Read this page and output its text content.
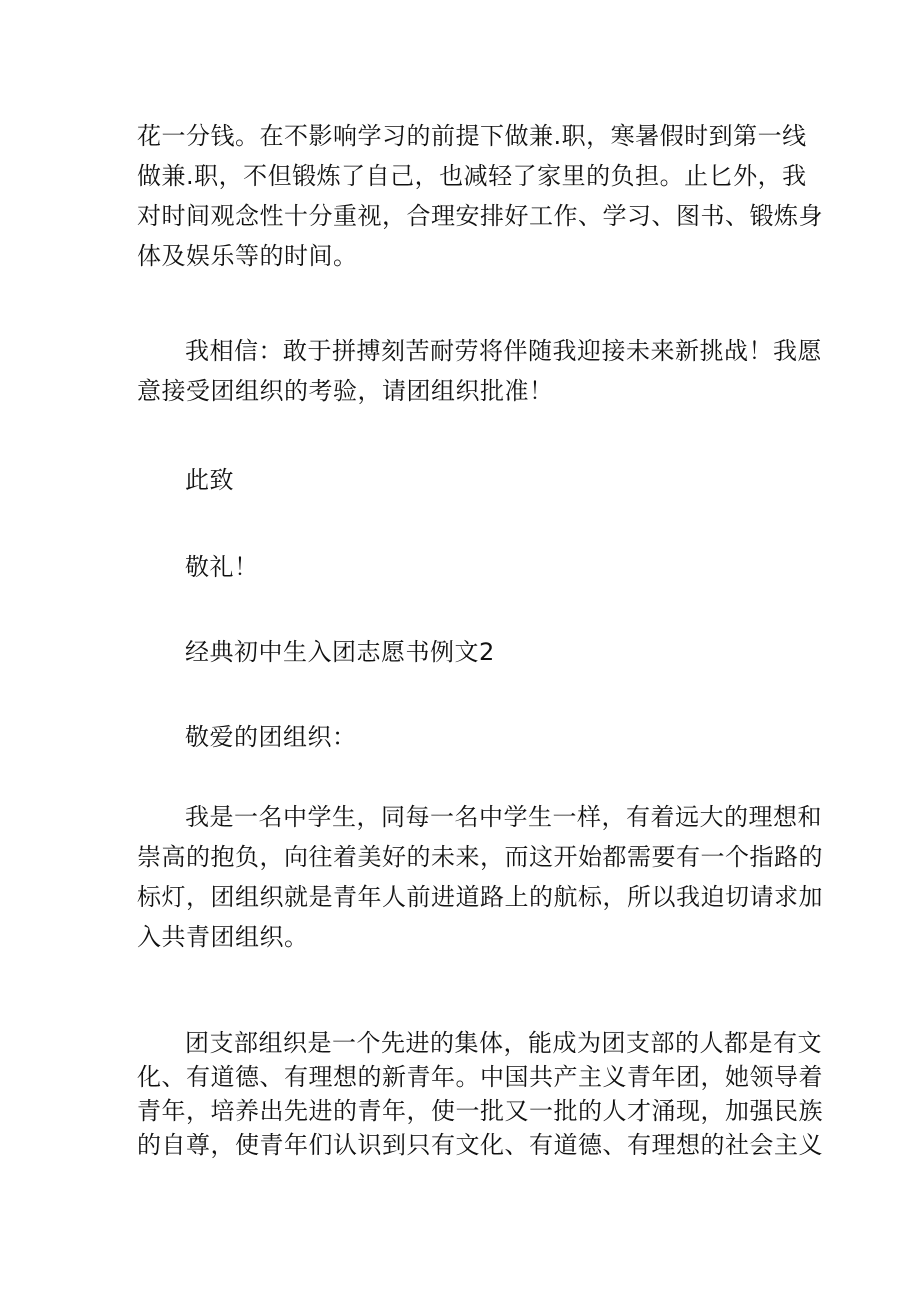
花一分钱。在不影响学习的前提下做兼.职，寒暑假时到第一线
做兼.职，不但锻炼了自己，也减轻了家里的负担。止匕外，我
对时间观念性十分重视，合理安排好工作、学习、图书、锻炼身
体及娱乐等的时间。
我相信：敢于拼搏刻苦耐劳将伴随我迎接未来新挑战！我愿
意接受团组织的考验，请团组织批准！
此致
敬礼！
经典初中生入团志愿书例文2
敬爱的团组织：
我是一名中学生，同每一名中学生一样，有着远大的理想和
崇高的抱负，向往着美好的未来，而这开始都需要有一个指路的
标灯，团组织就是青年人前进道路上的航标，所以我迫切请求加
入共青团组织。
团支部组织是一个先进的集体，能成为团支部的人都是有文
化、有道德、有理想的新青年。中国共产主义青年团，她领导着
青年，培养出先进的青年，使一批又一批的人才涌现，加强民族
的自尊，使青年们认识到只有文化、有道德、有理想的社会主义
